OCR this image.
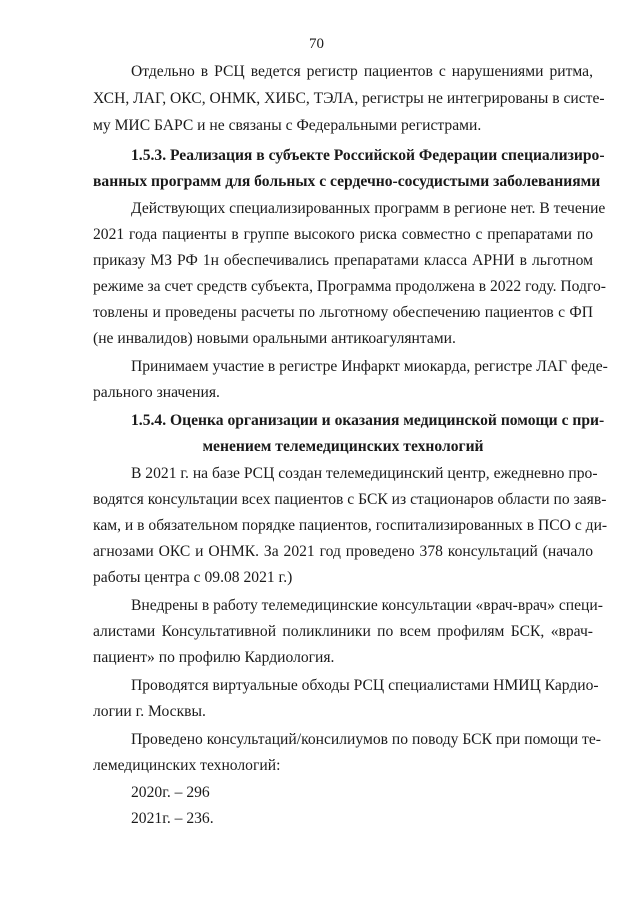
70
Отдельно в РСЦ ведется регистр пациентов с нарушениями ритма,
ХСН, ЛАГ, ОКС, ОНМК, ХИБС, ТЭЛА, регистры не интегрированы в систе-
му МИС БАРС и не связаны с Федеральными регистрами.
1.5.3. Реализация в субъекте Российской Федерации специализиро-
ванных программ для больных с сердечно-сосудистыми заболеваниями
Действующих специализированных программ в регионе нет. В течение
2021 года пациенты в группе высокого риска совместно с препаратами по
приказу МЗ РФ 1н обеспечивались препаратами класса АРНИ в льготном
режиме за счет средств субъекта, Программа продолжена в 2022 году. Подго-
товлены и проведены расчеты по льготному обеспечению пациентов с ФП
(не инвалидов) новыми оральными антикоагулянтами.
Принимаем участие в регистре Инфаркт миокарда, регистре ЛАГ феде-
рального значения.
1.5.4. Оценка организации и оказания медицинской помощи с при-
менением телемедицинских технологий
В 2021 г. на базе РСЦ создан телемедицинский центр, ежедневно про-
водятся консультации всех пациентов с БСК из стационаров области по заяв-
кам, и в обязательном порядке пациентов, госпитализированных в ПСО с ди-
агнозами ОКС и ОНМК. За 2021 год проведено 378 консультаций (начало
работы центра с 09.08 2021 г.)
Внедрены в работу телемедицинские консультации «врач-врач» специ-
алистами Консультативной поликлиники по всем профилям БСК, «врач-
пациент» по профилю Кардиология.
Проводятся виртуальные обходы РСЦ специалистами НМИЦ Кардио-
логии г. Москвы.
Проведено консультаций/консилиумов по поводу БСК при помощи те-
лемедицинских технологий:
2020г. – 296
2021г. – 236.
